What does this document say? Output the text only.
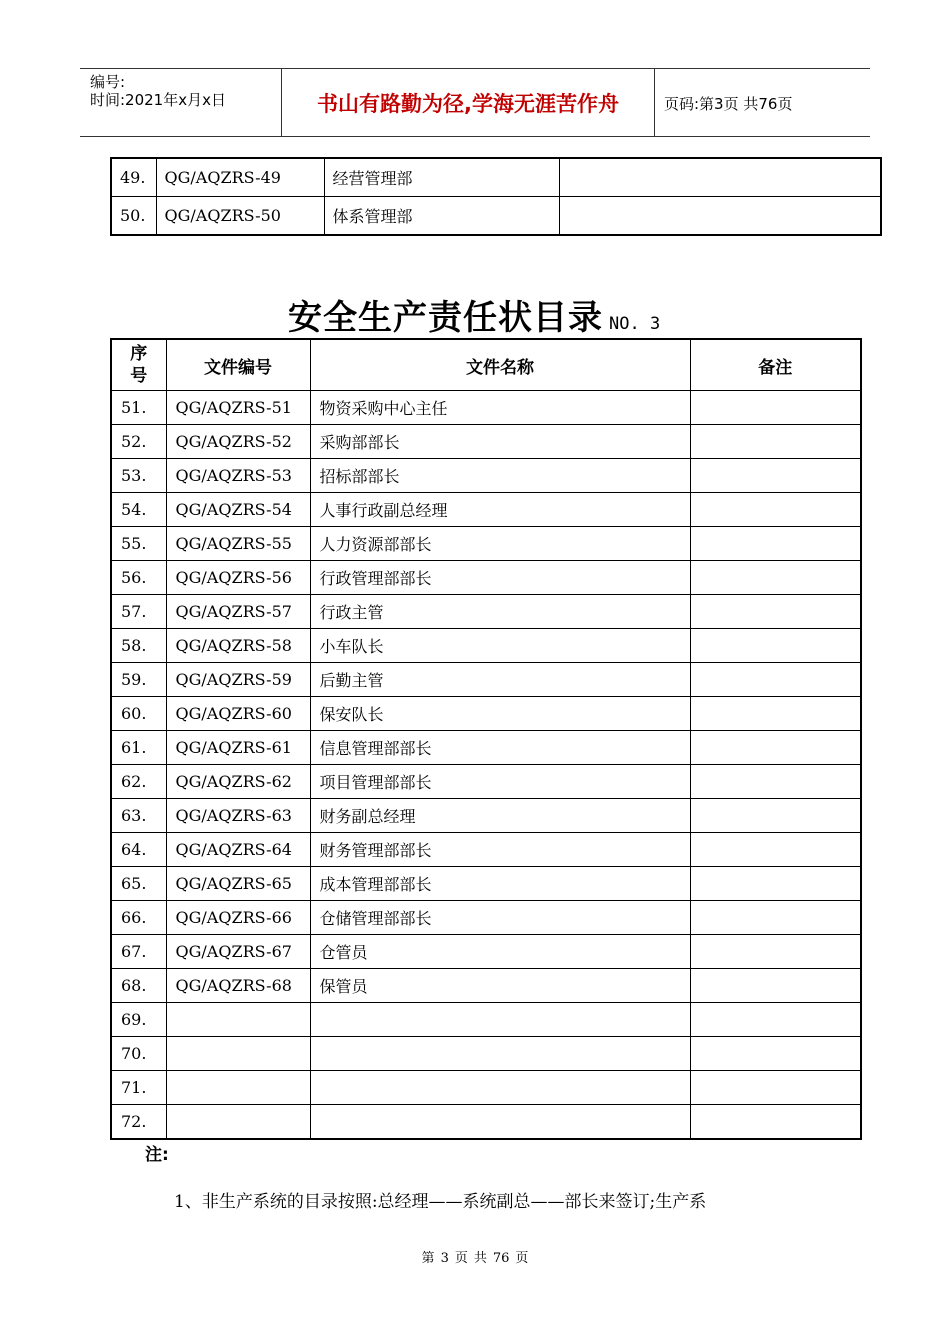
编号:
时间:2021年x月x日	书山有路勤为径,学海无涯苦作舟	页码:第3页 共76页
49.	QG/AQZRS-49	经营管理部	
50.	QG/AQZRS-50	体系管理部	
安全生产责任状目录 NO. 3
序
号	文件编号	文件名称	备注
51.	QG/AQZRS-51	物资采购中心主任	
52.	QG/AQZRS-52	采购部部长	
53.	QG/AQZRS-53	招标部部长	
54.	QG/AQZRS-54	人事行政副总经理	
55.	QG/AQZRS-55	人力资源部部长	
56.	QG/AQZRS-56	行政管理部部长	
57.	QG/AQZRS-57	行政主管	
58.	QG/AQZRS-58	小车队长	
59.	QG/AQZRS-59	后勤主管	
60.	QG/AQZRS-60	保安队长	
61.	QG/AQZRS-61	信息管理部部长	
62.	QG/AQZRS-62	项目管理部部长	
63.	QG/AQZRS-63	财务副总经理	
64.	QG/AQZRS-64	财务管理部部长	
65.	QG/AQZRS-65	成本管理部部长	
66.	QG/AQZRS-66	仓储管理部部长	
67.	QG/AQZRS-67	仓管员	
68.	QG/AQZRS-68	保管员	
69.			
70.			
71.			
72.			
注:
1、非生产系统的目录按照:总经理——系统副总——部长来签订;生产系
第 3 页 共 76 页
